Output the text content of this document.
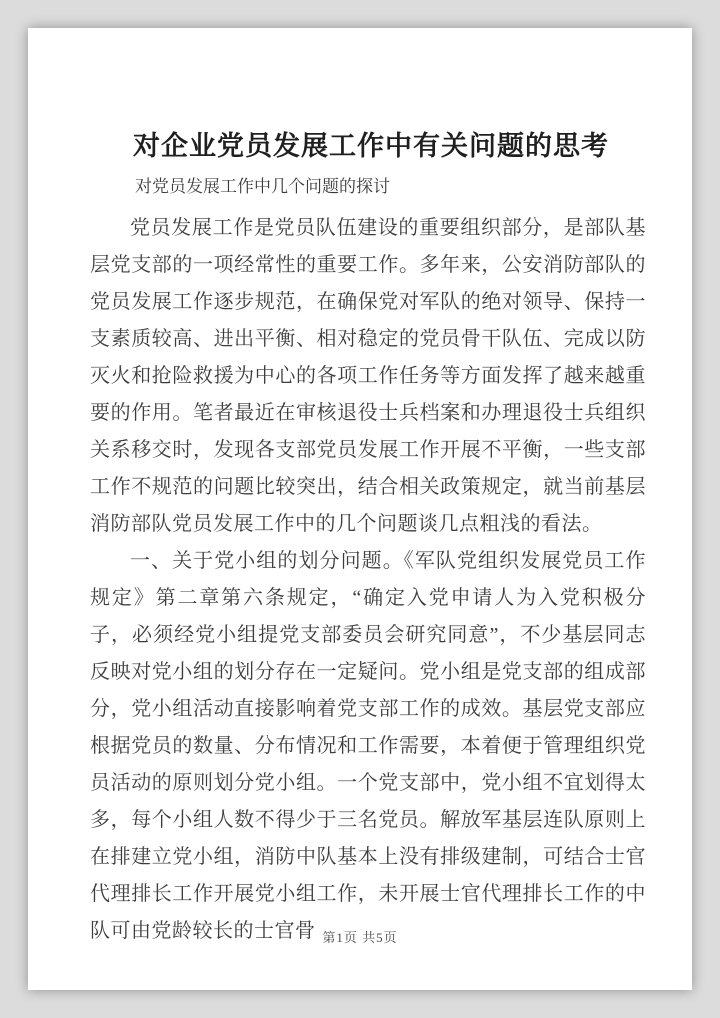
对企业党员发展工作中有关问题的思考
对党员发展工作中几个问题的探讨

党员发展工作是党员队伍建设的重要组织部分，是部队基层党支部的一项经常性的重要工作。多年来，公安消防部队的党员发展工作逐步规范，在确保党对军队的绝对领导、保持一支素质较高、进出平衡、相对稳定的党员骨干队伍、完成以防灭火和抢险救援为中心的各项工作任务等方面发挥了越来越重要的作用。笔者最近在审核退役士兵档案和办理退役士兵组织关系移交时，发现各支部党员发展工作开展不平衡，一些支部工作不规范的问题比较突出，结合相关政策规定，就当前基层消防部队党员发展工作中的几个问题谈几点粗浅的看法。

一、关于党小组的划分问题。《军队党组织发展党员工作规定》第二章第六条规定，“确定入党申请人为入党积极分子，必须经党小组提党支部委员会研究同意”，不少基层同志反映对党小组的划分存在一定疑问。党小组是党支部的组成部分，党小组活动直接影响着党支部工作的成效。基层党支部应根据党员的数量、分布情况和工作需要，本着便于管理组织党员活动的原则划分党小组。一个党支部中，党小组不宜划得太多，每个小组人数不得少于三名党员。解放军基层连队原则上在排建立党小组，消防中队基本上没有排级建制，可结合士官代理排长工作开展党小组工作，未开展士官代理排长工作的中队可由党龄较长的士官骨 第1页 共5页
